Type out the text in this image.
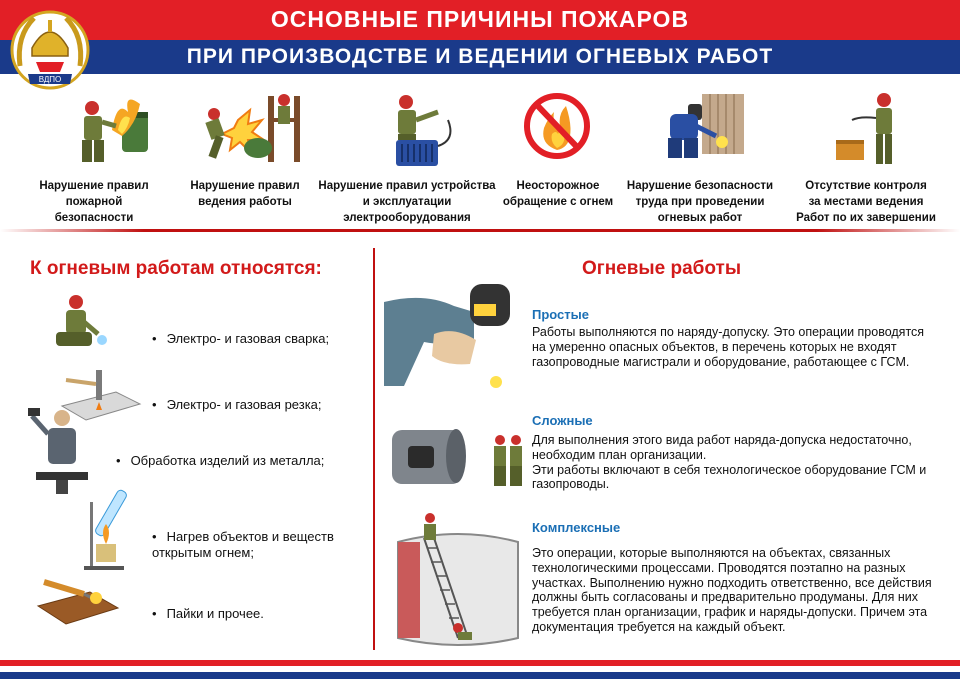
ОСНОВНЫЕ ПРИЧИНЫ ПОЖАРОВ
ПРИ ПРОИЗВОДСТВЕ И ВЕДЕНИИ ОГНЕВЫХ РАБОТ
ВДПО
Нарушение правил
пожарной
безопасности
Нарушение правил
ведения работы
Нарушение правил устройства
и эксплуатации
электрооборудования
Неосторожное
обращение с огнем
Нарушение безопасности
труда при проведении
огневых работ
Отсутствие контроля
за местами ведения
Работ по их завершении
К огневым работам относятся:
• Электро- и газовая сварка;
• Электро- и газовая резка;
• Обработка изделий из металла;
• Нагрев объектов и веществ
открытым огнем;
• Пайки и прочее.
Огневые работы
Простые
Работы выполняются по наряду-допуску. Это операции проводятся на умеренно опасных объектов, в перечень которых не входят газопроводные магистрали и оборудование, работающее с ГСМ.
Сложные
Для выполнения этого вида работ наряда-допуска недостаточно, необходим план организации.
Эти работы включают в себя технологическое оборудование ГСМ и газопроводы.
Комплексные
Это операции, которые выполняются на объектах, связанных технологическими процессами. Проводятся поэтапно на разных участках. Выполнению нужно подходить ответственно, все действия должны быть согласованы и предварительно продуманы. Для них требуется план организации, график и наряды-допуски. Причем эта документация требуется на каждый объект.
